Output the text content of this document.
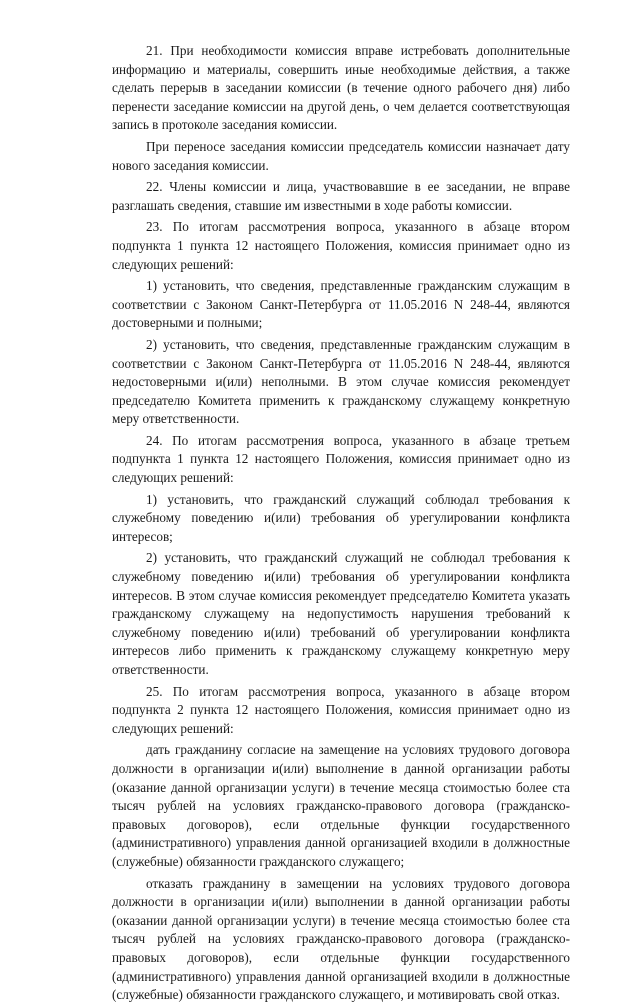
21. При необходимости комиссия вправе истребовать дополнительные информацию и материалы, совершить иные необходимые действия, а также сделать перерыв в заседании комиссии (в течение одного рабочего дня) либо перенести заседание комиссии на другой день, о чем делается соответствующая запись в протоколе заседания комиссии.

При переносе заседания комиссии председатель комиссии назначает дату нового заседания комиссии.

22. Члены комиссии и лица, участвовавшие в ее заседании, не вправе разглашать сведения, ставшие им известными в ходе работы комиссии.

23. По итогам рассмотрения вопроса, указанного в абзаце втором подпункта 1 пункта 12 настоящего Положения, комиссия принимает одно из следующих решений:

1) установить, что сведения, представленные гражданским служащим в соответствии с Законом Санкт-Петербурга от 11.05.2016 N 248-44, являются достоверными и полными;

2) установить, что сведения, представленные гражданским служащим в соответствии с Законом Санкт-Петербурга от 11.05.2016 N 248-44, являются недостоверными и(или) неполными. В этом случае комиссия рекомендует председателю Комитета применить к гражданскому служащему конкретную меру ответственности.

24. По итогам рассмотрения вопроса, указанного в абзаце третьем подпункта 1 пункта 12 настоящего Положения, комиссия принимает одно из следующих решений:

1) установить, что гражданский служащий соблюдал требования к служебному поведению и(или) требования об урегулировании конфликта интересов;

2) установить, что гражданский служащий не соблюдал требования к служебному поведению и(или) требования об урегулировании конфликта интересов. В этом случае комиссия рекомендует председателю Комитета указать гражданскому служащему на недопустимость нарушения требований к служебному поведению и(или) требований об урегулировании конфликта интересов либо применить к гражданскому служащему конкретную меру ответственности.

25. По итогам рассмотрения вопроса, указанного в абзаце втором подпункта 2 пункта 12 настоящего Положения, комиссия принимает одно из следующих решений:

дать гражданину согласие на замещение на условиях трудового договора должности в организации и(или) выполнение в данной организации работы (оказание данной организации услуги) в течение месяца стоимостью более ста тысяч рублей на условиях гражданско-правового договора (гражданско-правовых договоров), если отдельные функции государственного (административного) управления данной организацией входили в должностные (служебные) обязанности гражданского служащего;

отказать гражданину в замещении на условиях трудового договора должности в организации и(или) выполнении в данной организации работы (оказании данной организации услуги) в течение месяца стоимостью более ста тысяч рублей на условиях гражданско-правового договора (гражданско-правовых договоров), если отдельные функции государственного (административного) управления данной организацией входили в должностные (служебные) обязанности гражданского служащего, и мотивировать свой отказ.
